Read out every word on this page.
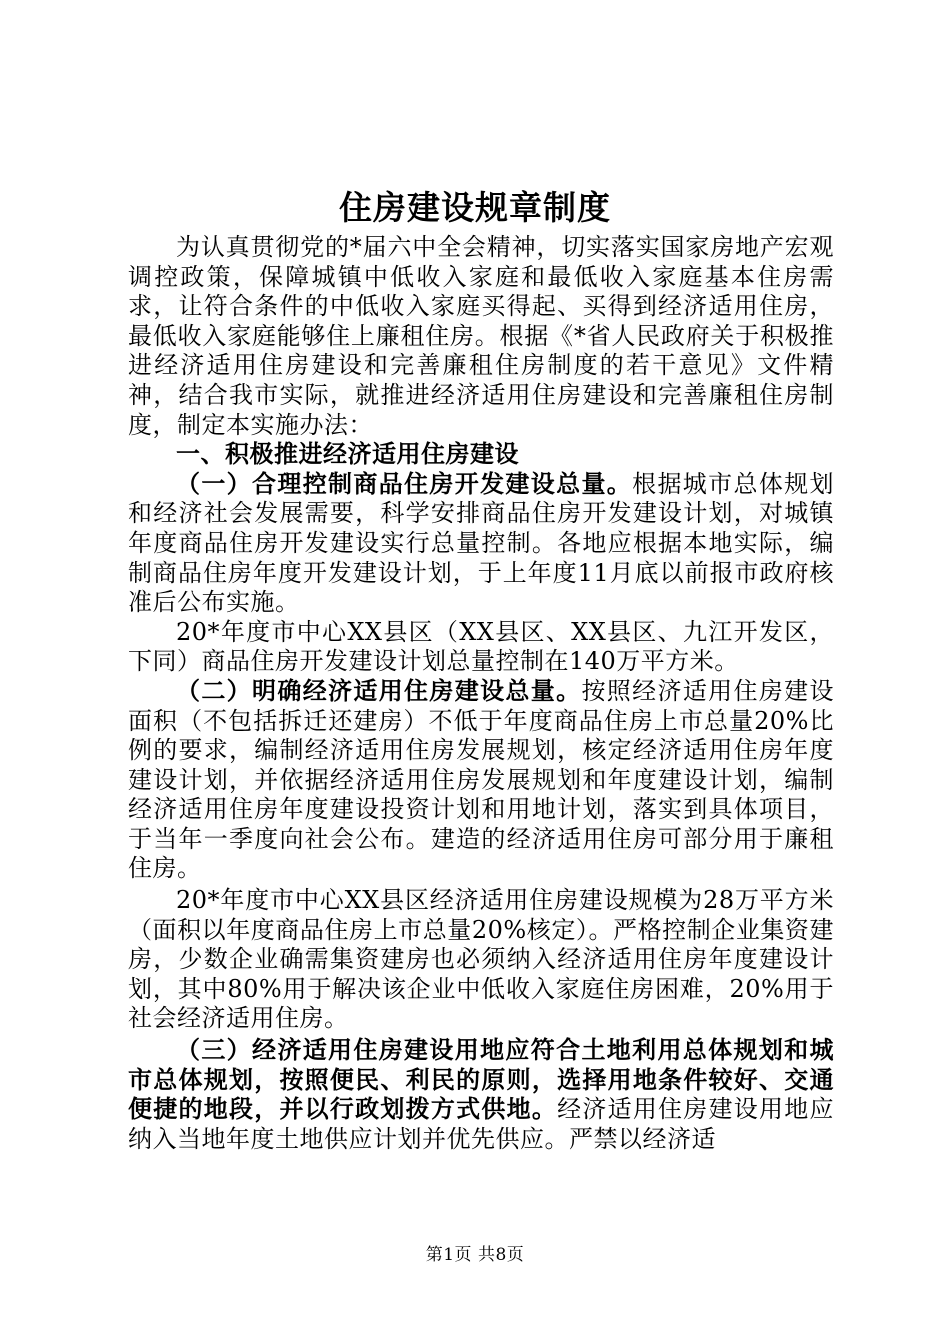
住房建设规章制度

为认真贯彻党的*届六中全会精神，切实落实国家房地产宏观调控政策，保障城镇中低收入家庭和最低收入家庭基本住房需求，让符合条件的中低收入家庭买得起、买得到经济适用住房，最低收入家庭能够住上廉租住房。根据《*省人民政府关于积极推进经济适用住房建设和完善廉租住房制度的若干意见》文件精神，结合我市实际，就推进经济适用住房建设和完善廉租住房制度，制定本实施办法：

一、积极推进经济适用住房建设

（一）合理控制商品住房开发建设总量。根据城市总体规划和经济社会发展需要，科学安排商品住房开发建设计划，对城镇年度商品住房开发建设实行总量控制。各地应根据本地实际，编制商品住房年度开发建设计划，于上年度11月底以前报市政府核准后公布实施。

20*年度市中心XX县区（XX县区、XX县区、九江开发区，下同）商品住房开发建设计划总量控制在140万平方米。

（二）明确经济适用住房建设总量。按照经济适用住房建设面积（不包括拆迁还建房）不低于年度商品住房上市总量20%比例的要求，编制经济适用住房发展规划，核定经济适用住房年度建设计划，并依据经济适用住房发展规划和年度建设计划，编制经济适用住房年度建设投资计划和用地计划，落实到具体项目，于当年一季度向社会公布。建造的经济适用住房可部分用于廉租住房。

20*年度市中心XX县区经济适用住房建设规模为28万平方米（面积以年度商品住房上市总量20%核定）。严格控制企业集资建房，少数企业确需集资建房也必须纳入经济适用住房年度建设计划，其中80%用于解决该企业中低收入家庭住房困难，20%用于社会经济适用住房。

（三）经济适用住房建设用地应符合土地利用总体规划和城市总体规划，按照便民、利民的原则，选择用地条件较好、交通便捷的地段，并以行政划拨方式供地。经济适用住房建设用地应纳入当地年度土地供应计划并优先供应。严禁以经济适

第1页 共8页
